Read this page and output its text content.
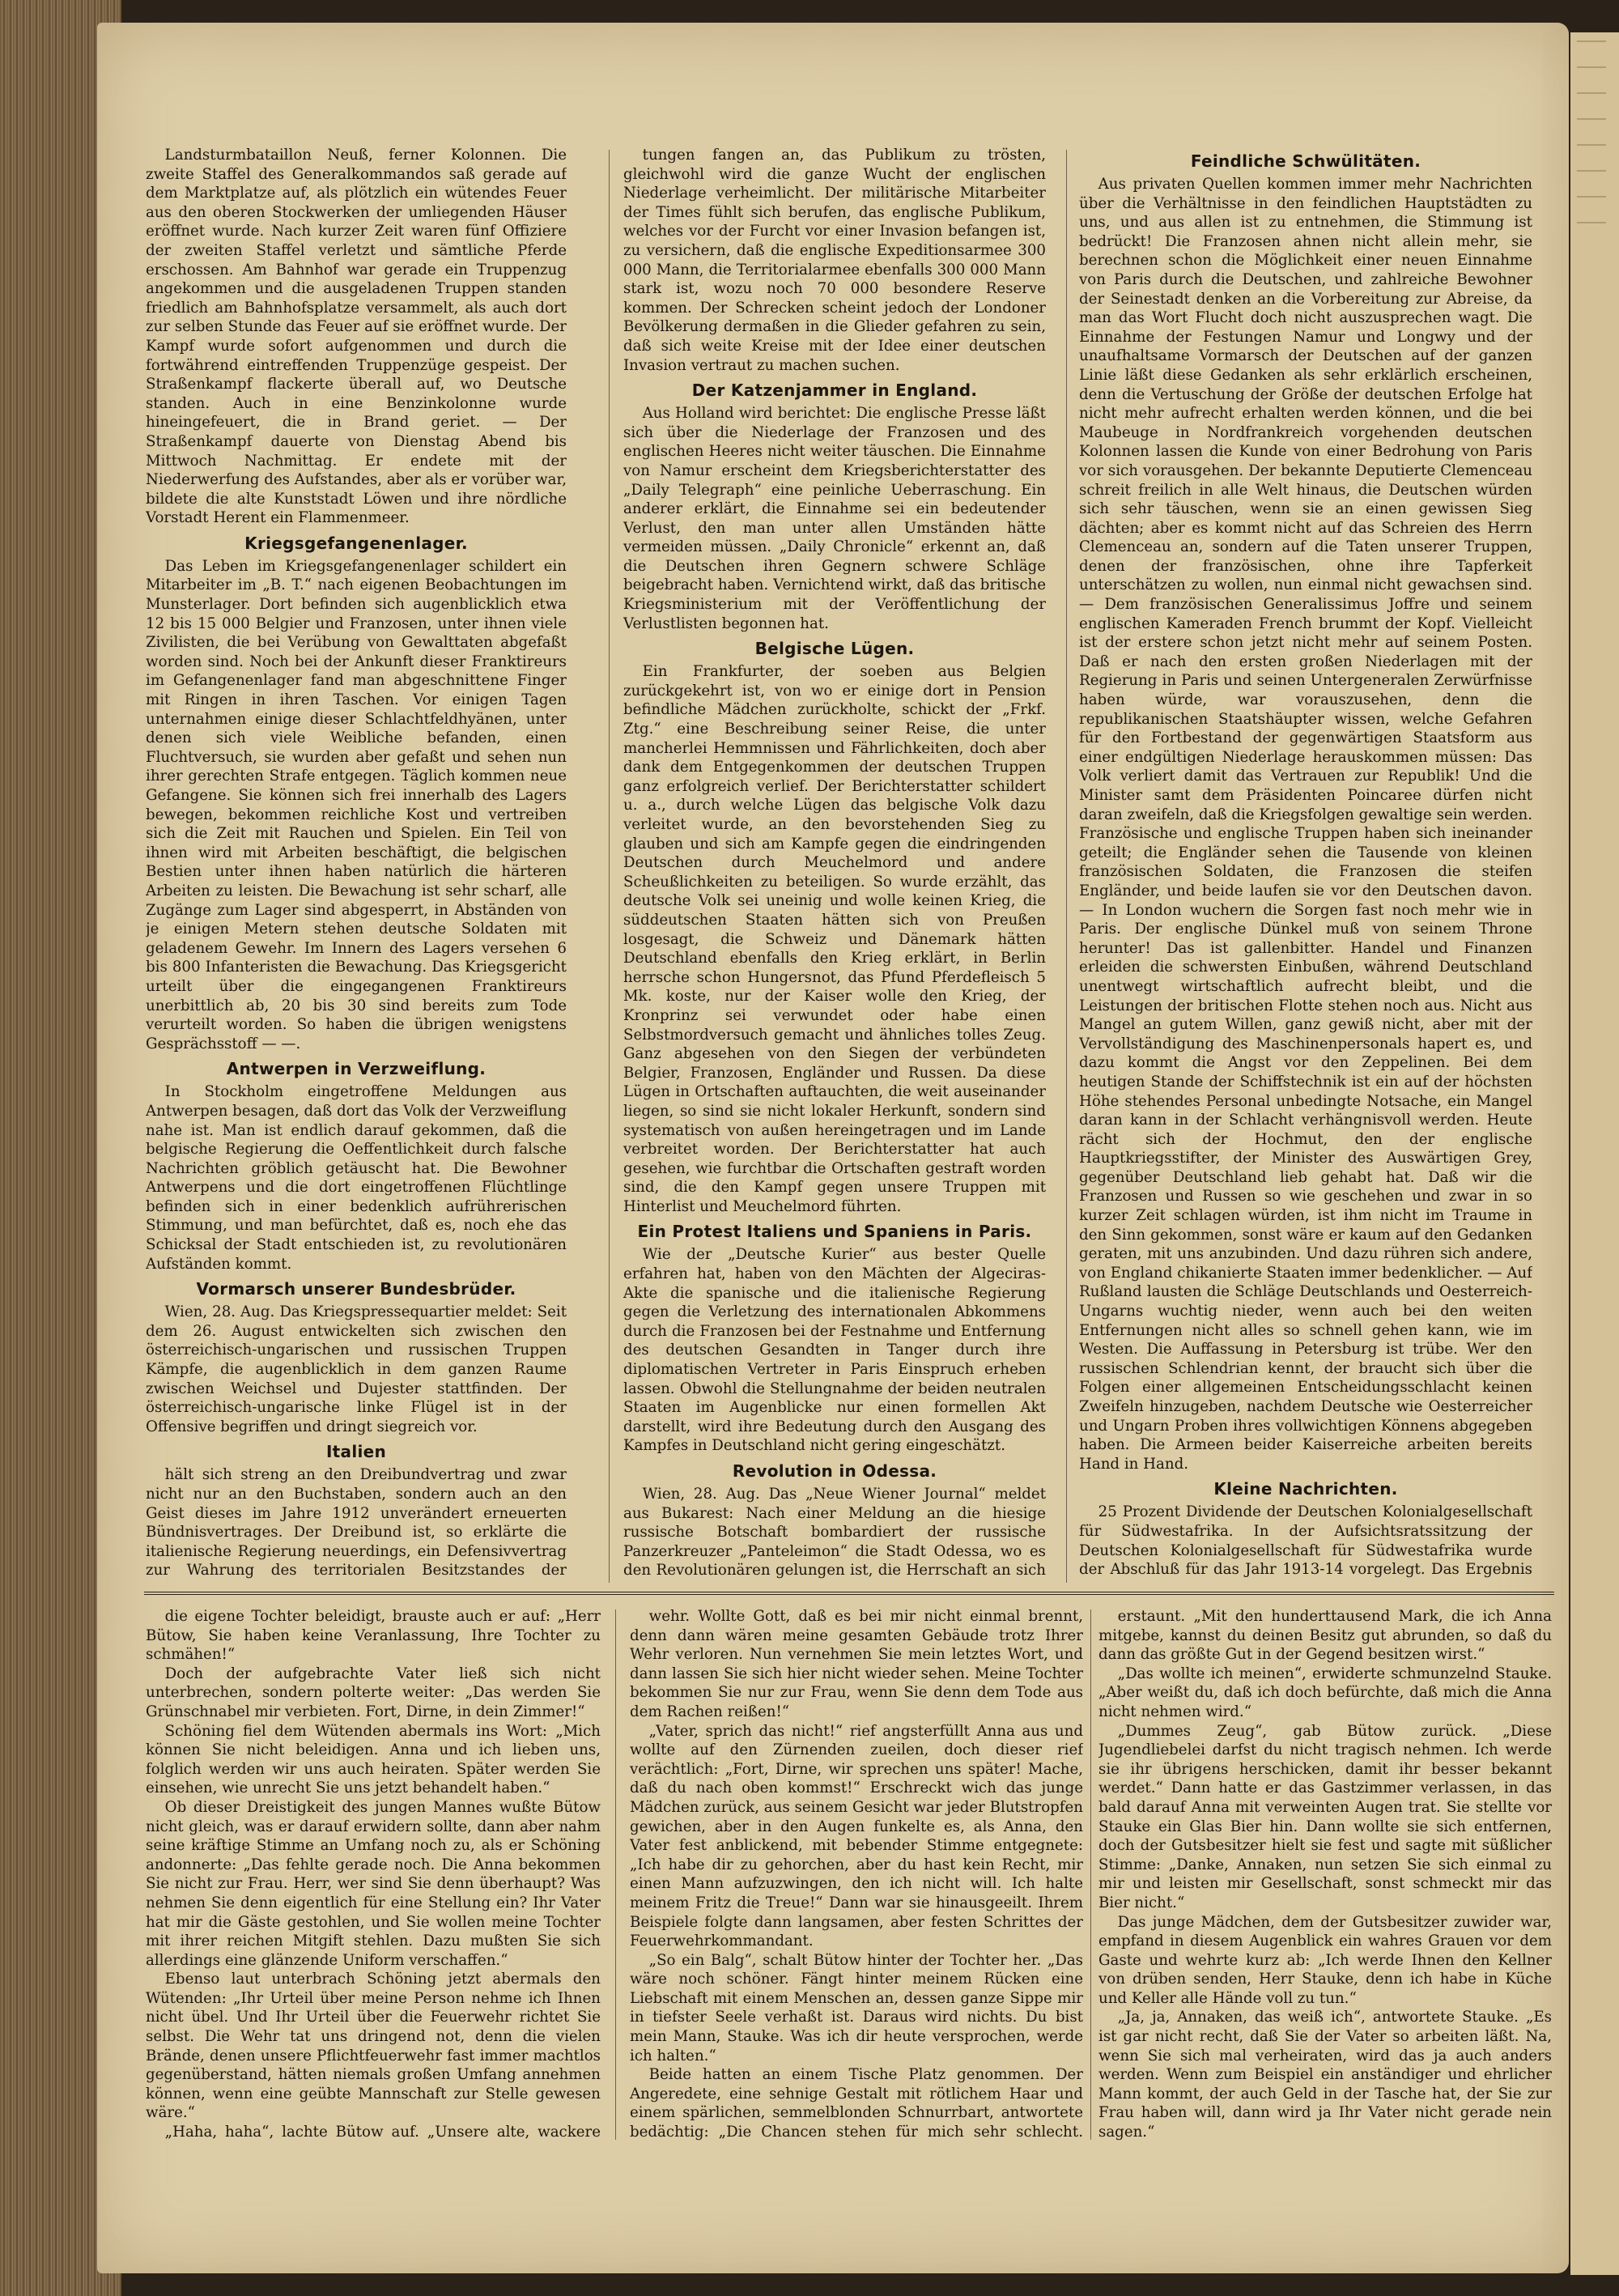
Landsturmbataillon Neuß, ferner Kolonnen. Die zweite Staffel des Generalkommandos saß gerade auf dem Marktplatze auf, als plötzlich ein wütendes Feuer aus den oberen Stockwerken der umliegenden Häuser eröffnet wurde. Nach kurzer Zeit waren fünf Offiziere der zweiten Staffel verletzt und sämtliche Pferde erschossen. Am Bahnhof war gerade ein Truppenzug angekommen und die ausgeladenen Truppen standen friedlich am Bahnhofsplatze versammelt, als auch dort zur selben Stunde das Feuer auf sie eröffnet wurde. Der Kampf wurde sofort aufgenommen und durch die fortwährend eintreffenden Truppenzüge gespeist. Der Straßenkampf flackerte überall auf, wo Deutsche standen. Auch in eine Benzinkolonne wurde hineingefeuert, die in Brand geriet. — Der Straßenkampf dauerte von Dienstag Abend bis Mittwoch Nachmittag. Er endete mit der Niederwerfung des Aufstandes, aber als er vorüber war, bildete die alte Kunststadt Löwen und ihre nördliche Vorstadt Herent ein Flammenmeer.

Kriegsgefangenenlager.

Das Leben im Kriegsgefangenenlager schildert ein Mitarbeiter im „B. T.“ nach eigenen Beobachtungen im Munsterlager. Dort befinden sich augenblicklich etwa 12 bis 15 000 Belgier und Franzosen, unter ihnen viele Zivilisten, die bei Verübung von Gewalttaten abgefaßt worden sind. Noch bei der Ankunft dieser Franktireurs im Gefangenenlager fand man abgeschnittene Finger mit Ringen in ihren Taschen. Vor einigen Tagen unternahmen einige dieser Schlachtfeldhyänen, unter denen sich viele Weibliche befanden, einen Fluchtversuch, sie wurden aber gefaßt und sehen nun ihrer gerechten Strafe entgegen. Täglich kommen neue Gefangene. Sie können sich frei innerhalb des Lagers bewegen, bekommen reichliche Kost und vertreiben sich die Zeit mit Rauchen und Spielen. Ein Teil von ihnen wird mit Arbeiten beschäftigt, die belgischen Bestien unter ihnen haben natürlich die härteren Arbeiten zu leisten. Die Bewachung ist sehr scharf, alle Zugänge zum Lager sind abgesperrt, in Abständen von je einigen Metern stehen deutsche Soldaten mit geladenem Gewehr. Im Innern des Lagers versehen 6 bis 800 Infanteristen die Bewachung. Das Kriegsgericht urteilt über die eingegangenen Franktireurs unerbittlich ab, 20 bis 30 sind bereits zum Tode verurteilt worden. So haben die übrigen wenigstens Gesprächsstoff — —.

Antwerpen in Verzweiflung.

In Stockholm eingetroffene Meldungen aus Antwerpen besagen, daß dort das Volk der Verzweiflung nahe ist. Man ist endlich darauf gekommen, daß die belgische Regierung die Oeffentlichkeit durch falsche Nachrichten gröblich getäuscht hat. Die Bewohner Antwerpens und die dort eingetroffenen Flüchtlinge befinden sich in einer bedenklich aufrührerischen Stimmung, und man befürchtet, daß es, noch ehe das Schicksal der Stadt entschieden ist, zu revolutionären Aufständen kommt.

Vormarsch unserer Bundesbrüder.

Wien, 28. Aug. Das Kriegspressequartier meldet: Seit dem 26. August entwickelten sich zwischen den österreichisch-ungarischen und russischen Truppen Kämpfe, die augenblicklich in dem ganzen Raume zwischen Weichsel und Dujester stattfinden. Der österreichisch-ungarische linke Flügel ist in der Offensive begriffen und dringt siegreich vor.

Italien

hält sich streng an den Dreibundvertrag und zwar nicht nur an den Buchstaben, sondern auch an den Geist dieses im Jahre 1912 unverändert erneuerten Bündnisvertrages. Der Dreibund ist, so erklärte die italienische Regierung neuerdings, ein Defensivvertrag zur Wahrung des territorialen Besitzstandes der

tungen fangen an, das Publikum zu trösten, gleichwohl wird die ganze Wucht der englischen Niederlage verheimlicht. Der militärische Mitarbeiter der Times fühlt sich berufen, das englische Publikum, welches vor der Furcht vor einer Invasion befangen ist, zu versichern, daß die englische Expeditionsarmee 300 000 Mann, die Territorialarmee ebenfalls 300 000 Mann stark ist, wozu noch 70 000 besondere Reserve kommen. Der Schrecken scheint jedoch der Londoner Bevölkerung dermaßen in die Glieder gefahren zu sein, daß sich weite Kreise mit der Idee einer deutschen Invasion vertraut zu machen suchen.

Der Katzenjammer in England.

Aus Holland wird berichtet: Die englische Presse läßt sich über die Niederlage der Franzosen und des englischen Heeres nicht weiter täuschen. Die Einnahme von Namur erscheint dem Kriegsberichterstatter des „Daily Telegraph“ eine peinliche Ueberraschung. Ein anderer erklärt, die Einnahme sei ein bedeutender Verlust, den man unter allen Umständen hätte vermeiden müssen. „Daily Chronicle“ erkennt an, daß die Deutschen ihren Gegnern schwere Schläge beigebracht haben. Vernichtend wirkt, daß das britische Kriegsministerium mit der Veröffentlichung der Verlustlisten begonnen hat.

Belgische Lügen.

Ein Frankfurter, der soeben aus Belgien zurückgekehrt ist, von wo er einige dort in Pension befindliche Mädchen zurückholte, schickt der „Frkf. Ztg.“ eine Beschreibung seiner Reise, die unter mancherlei Hemmnissen und Fährlichkeiten, doch aber dank dem Entgegenkommen der deutschen Truppen ganz erfolgreich verlief. Der Berichterstatter schildert u. a., durch welche Lügen das belgische Volk dazu verleitet wurde, an den bevorstehenden Sieg zu glauben und sich am Kampfe gegen die eindringenden Deutschen durch Meuchelmord und andere Scheußlichkeiten zu beteiligen. So wurde erzählt, das deutsche Volk sei uneinig und wolle keinen Krieg, die süddeutschen Staaten hätten sich von Preußen losgesagt, die Schweiz und Dänemark hätten Deutschland ebenfalls den Krieg erklärt, in Berlin herrsche schon Hungersnot, das Pfund Pferdefleisch 5 Mk. koste, nur der Kaiser wolle den Krieg, der Kronprinz sei verwundet oder habe einen Selbstmordversuch gemacht und ähnliches tolles Zeug. Ganz abgesehen von den Siegen der verbündeten Belgier, Franzosen, Engländer und Russen. Da diese Lügen in Ortschaften auftauchten, die weit auseinander liegen, so sind sie nicht lokaler Herkunft, sondern sind systematisch von außen hereingetragen und im Lande verbreitet worden. Der Berichterstatter hat auch gesehen, wie furchtbar die Ortschaften gestraft worden sind, die den Kampf gegen unsere Truppen mit Hinterlist und Meuchelmord führten.

Ein Protest Italiens und Spaniens in Paris.

Wie der „Deutsche Kurier“ aus bester Quelle erfahren hat, haben von den Mächten der Algeciras-Akte die spanische und die italienische Regierung gegen die Verletzung des internationalen Abkommens durch die Franzosen bei der Festnahme und Entfernung des deutschen Gesandten in Tanger durch ihre diplomatischen Vertreter in Paris Einspruch erheben lassen. Obwohl die Stellungnahme der beiden neutralen Staaten im Augenblicke nur einen formellen Akt darstellt, wird ihre Bedeutung durch den Ausgang des Kampfes in Deutschland nicht gering eingeschätzt.

Revolution in Odessa.

Wien, 28. Aug. Das „Neue Wiener Journal“ meldet aus Bukarest: Nach einer Meldung an die hiesige russische Botschaft bombardiert der russische Panzerkreuzer „Panteleimon“ die Stadt Odessa, wo es den Revolutionären gelungen ist, die Herrschaft an sich

Feindliche Schwülitäten.

Aus privaten Quellen kommen immer mehr Nachrichten über die Verhältnisse in den feindlichen Hauptstädten zu uns, und aus allen ist zu entnehmen, die Stimmung ist bedrückt! Die Franzosen ahnen nicht allein mehr, sie berechnen schon die Möglichkeit einer neuen Einnahme von Paris durch die Deutschen, und zahlreiche Bewohner der Seinestadt denken an die Vorbereitung zur Abreise, da man das Wort Flucht doch nicht auszusprechen wagt. Die Einnahme der Festungen Namur und Longwy und der unaufhaltsame Vormarsch der Deutschen auf der ganzen Linie läßt diese Gedanken als sehr erklärlich erscheinen, denn die Vertuschung der Größe der deutschen Erfolge hat nicht mehr aufrecht erhalten werden können, und die bei Maubeuge in Nordfrankreich vorgehenden deutschen Kolonnen lassen die Kunde von einer Bedrohung von Paris vor sich vorausgehen. Der bekannte Deputierte Clemenceau schreit freilich in alle Welt hinaus, die Deutschen würden sich sehr täuschen, wenn sie an einen gewissen Sieg dächten; aber es kommt nicht auf das Schreien des Herrn Clemenceau an, sondern auf die Taten unserer Truppen, denen der französischen, ohne ihre Tapferkeit unterschätzen zu wollen, nun einmal nicht gewachsen sind. — Dem französischen Generalissimus Joffre und seinem englischen Kameraden French brummt der Kopf. Vielleicht ist der erstere schon jetzt nicht mehr auf seinem Posten. Daß er nach den ersten großen Niederlagen mit der Regierung in Paris und seinen Untergeneralen Zerwürfnisse haben würde, war vorauszusehen, denn die republikanischen Staatshäupter wissen, welche Gefahren für den Fortbestand der gegenwärtigen Staatsform aus einer endgültigen Niederlage herauskommen müssen: Das Volk verliert damit das Vertrauen zur Republik! Und die Minister samt dem Präsidenten Poincaree dürfen nicht daran zweifeln, daß die Kriegsfolgen gewaltige sein werden. Französische und englische Truppen haben sich ineinander geteilt; die Engländer sehen die Tausende von kleinen französischen Soldaten, die Franzosen die steifen Engländer, und beide laufen sie vor den Deutschen davon. — In London wuchern die Sorgen fast noch mehr wie in Paris. Der englische Dünkel muß von seinem Throne herunter! Das ist gallenbitter. Handel und Finanzen erleiden die schwersten Einbußen, während Deutschland unentwegt wirtschaftlich aufrecht bleibt, und die Leistungen der britischen Flotte stehen noch aus. Nicht aus Mangel an gutem Willen, ganz gewiß nicht, aber mit der Vervollständigung des Maschinenpersonals hapert es, und dazu kommt die Angst vor den Zeppelinen. Bei dem heutigen Stande der Schiffstechnik ist ein auf der höchsten Höhe stehendes Personal unbedingte Notsache, ein Mangel daran kann in der Schlacht verhängnisvoll werden. Heute rächt sich der Hochmut, den der englische Hauptkriegsstifter, der Minister des Auswärtigen Grey, gegenüber Deutschland lieb gehabt hat. Daß wir die Franzosen und Russen so wie geschehen und zwar in so kurzer Zeit schlagen würden, ist ihm nicht im Traume in den Sinn gekommen, sonst wäre er kaum auf den Gedanken geraten, mit uns anzubinden. Und dazu rühren sich andere, von England chikanierte Staaten immer bedenklicher. — Auf Rußland lausten die Schläge Deutschlands und Oesterreich-Ungarns wuchtig nieder, wenn auch bei den weiten Entfernungen nicht alles so schnell gehen kann, wie im Westen. Die Auffassung in Petersburg ist trübe. Wer den russischen Schlendrian kennt, der braucht sich über die Folgen einer allgemeinen Entscheidungsschlacht keinen Zweifeln hinzugeben, nachdem Deutsche wie Oesterreicher und Ungarn Proben ihres vollwichtigen Könnens abgegeben haben. Die Armeen beider Kaiserreiche arbeiten bereits Hand in Hand.

Kleine Nachrichten.

25 Prozent Dividende der Deutschen Kolonialgesellschaft für Südwestafrika. In der Aufsichtsratssitzung der Deutschen Kolonialgesellschaft für Südwestafrika wurde der Abschluß für das Jahr 1913-14 vorgelegt. Das Ergebnis

die eigene Tochter beleidigt, brauste auch er auf: „Herr Bütow, Sie haben keine Veranlassung, Ihre Tochter zu schmähen!“

Doch der aufgebrachte Vater ließ sich nicht unterbrechen, sondern polterte weiter: „Das werden Sie Grünschnabel mir verbieten. Fort, Dirne, in dein Zimmer!“

Schöning fiel dem Wütenden abermals ins Wort: „Mich können Sie nicht beleidigen. Anna und ich lieben uns, folglich werden wir uns auch heiraten. Später werden Sie einsehen, wie unrecht Sie uns jetzt behandelt haben.“

Ob dieser Dreistigkeit des jungen Mannes wußte Bütow nicht gleich, was er darauf erwidern sollte, dann aber nahm seine kräftige Stimme an Umfang noch zu, als er Schöning andonnerte: „Das fehlte gerade noch. Die Anna bekommen Sie nicht zur Frau. Herr, wer sind Sie denn überhaupt? Was nehmen Sie denn eigentlich für eine Stellung ein? Ihr Vater hat mir die Gäste gestohlen, und Sie wollen meine Tochter mit ihrer reichen Mitgift stehlen. Dazu mußten Sie sich allerdings eine glänzende Uniform verschaffen.“

Ebenso laut unterbrach Schöning jetzt abermals den Wütenden: „Ihr Urteil über meine Person nehme ich Ihnen nicht übel. Und Ihr Urteil über die Feuerwehr richtet Sie selbst. Die Wehr tat uns dringend not, denn die vielen Brände, denen unsere Pflichtfeuerwehr fast immer machtlos gegenüberstand, hätten niemals großen Umfang annehmen können, wenn eine geübte Mannschaft zur Stelle gewesen wäre.“

„Haha, haha“, lachte Bütow auf. „Unsere alte, wackere

wehr. Wollte Gott, daß es bei mir nicht einmal brennt, denn dann wären meine gesamten Gebäude trotz Ihrer Wehr verloren. Nun vernehmen Sie mein letztes Wort, und dann lassen Sie sich hier nicht wieder sehen. Meine Tochter bekommen Sie nur zur Frau, wenn Sie denn dem Tode aus dem Rachen reißen!“

„Vater, sprich das nicht!“ rief angsterfüllt Anna aus und wollte auf den Zürnenden zueilen, doch dieser rief verächtlich: „Fort, Dirne, wir sprechen uns später! Mache, daß du nach oben kommst!“ Erschreckt wich das junge Mädchen zurück, aus seinem Gesicht war jeder Blutstropfen gewichen, aber in den Augen funkelte es, als Anna, den Vater fest anblickend, mit bebender Stimme entgegnete: „Ich habe dir zu gehorchen, aber du hast kein Recht, mir einen Mann aufzuzwingen, den ich nicht will. Ich halte meinem Fritz die Treue!“ Dann war sie hinausgeeilt. Ihrem Beispiele folgte dann langsamen, aber festen Schrittes der Feuerwehrkommandant.

„So ein Balg“, schalt Bütow hinter der Tochter her. „Das wäre noch schöner. Fängt hinter meinem Rücken eine Liebschaft mit einem Menschen an, dessen ganze Sippe mir in tiefster Seele verhaßt ist. Daraus wird nichts. Du bist mein Mann, Stauke. Was ich dir heute versprochen, werde ich halten.“

Beide hatten an einem Tische Platz genommen. Der Angeredete, eine sehnige Gestalt mit rötlichem Haar und einem spärlichen, semmelblonden Schnurrbart, antwortete bedächtig: „Die Chancen stehen für mich sehr schlecht.

erstaunt. „Mit den hunderttausend Mark, die ich Anna mitgebe, kannst du deinen Besitz gut abrunden, so daß du dann das größte Gut in der Gegend besitzen wirst.“

„Das wollte ich meinen“, erwiderte schmunzelnd Stauke. „Aber weißt du, daß ich doch befürchte, daß mich die Anna nicht nehmen wird.“

„Dummes Zeug“, gab Bütow zurück. „Diese Jugendliebelei darfst du nicht tragisch nehmen. Ich werde sie ihr übrigens herschicken, damit ihr besser bekannt werdet.“ Dann hatte er das Gastzimmer verlassen, in das bald darauf Anna mit verweinten Augen trat. Sie stellte vor Stauke ein Glas Bier hin. Dann wollte sie sich entfernen, doch der Gutsbesitzer hielt sie fest und sagte mit süßlicher Stimme: „Danke, Annaken, nun setzen Sie sich einmal zu mir und leisten mir Gesellschaft, sonst schmeckt mir das Bier nicht.“

Das junge Mädchen, dem der Gutsbesitzer zuwider war, empfand in diesem Augenblick ein wahres Grauen vor dem Gaste und wehrte kurz ab: „Ich werde Ihnen den Kellner von drüben senden, Herr Stauke, denn ich habe in Küche und Keller alle Hände voll zu tun.“

„Ja, ja, Annaken, das weiß ich“, antwortete Stauke. „Es ist gar nicht recht, daß Sie der Vater so arbeiten läßt. Na, wenn Sie sich mal verheiraten, wird das ja auch anders werden. Wenn zum Beispiel ein anständiger und ehrlicher Mann kommt, der auch Geld in der Tasche hat, der Sie zur Frau haben will, dann wird ja Ihr Vater nicht gerade nein sagen.“
